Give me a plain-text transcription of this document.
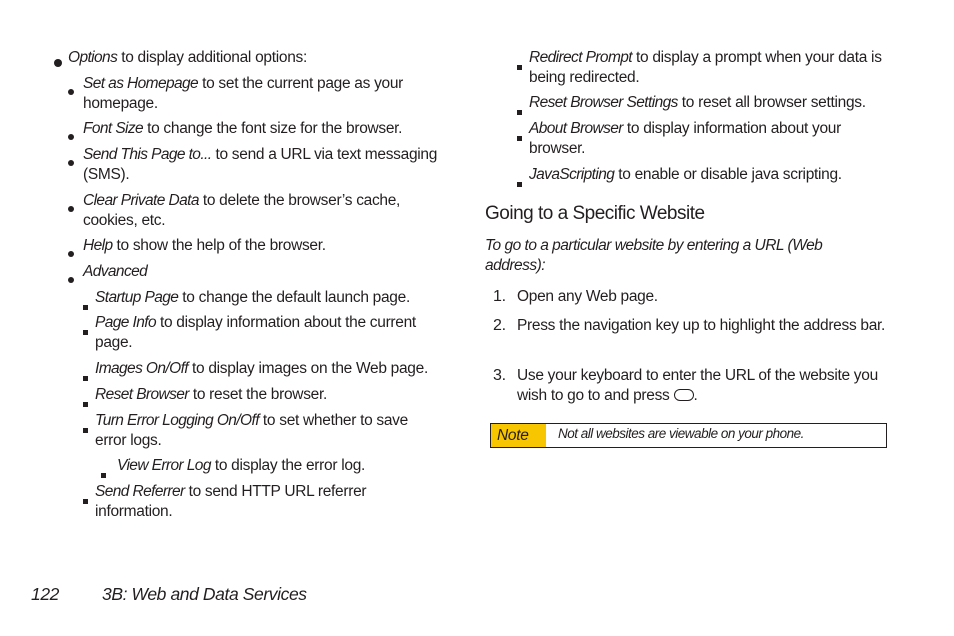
Options to display additional options:
Set as Homepage to set the current page as your homepage.
Font Size to change the font size for the browser.
Send This Page to... to send a URL via text messaging (SMS).
Clear Private Data to delete the browser’s cache, cookies, etc.
Help to show the help of the browser.
Advanced
Startup Page to change the default launch page.
Page Info to display information about the current page.
Images On/Off to display images on the Web page.
Reset Browser to reset the browser.
Turn Error Logging On/Off to set whether to save error logs.
View Error Log to display the error log.
Send Referrer to send HTTP URL referrer information.
Redirect Prompt to display a prompt when your data is being redirected.
Reset Browser Settings to reset all browser settings.
About Browser to display information about your browser.
JavaScripting to enable or disable java scripting.
Going to a Specific Website
To go to a particular website by entering a URL (Web address):
1. Open any Web page.
2. Press the navigation key up to highlight the address bar.
3. Use your keyboard to enter the URL of the website you wish to go to and press .
Note	Not all websites are viewable on your phone.
122 3B: Web and Data Services
